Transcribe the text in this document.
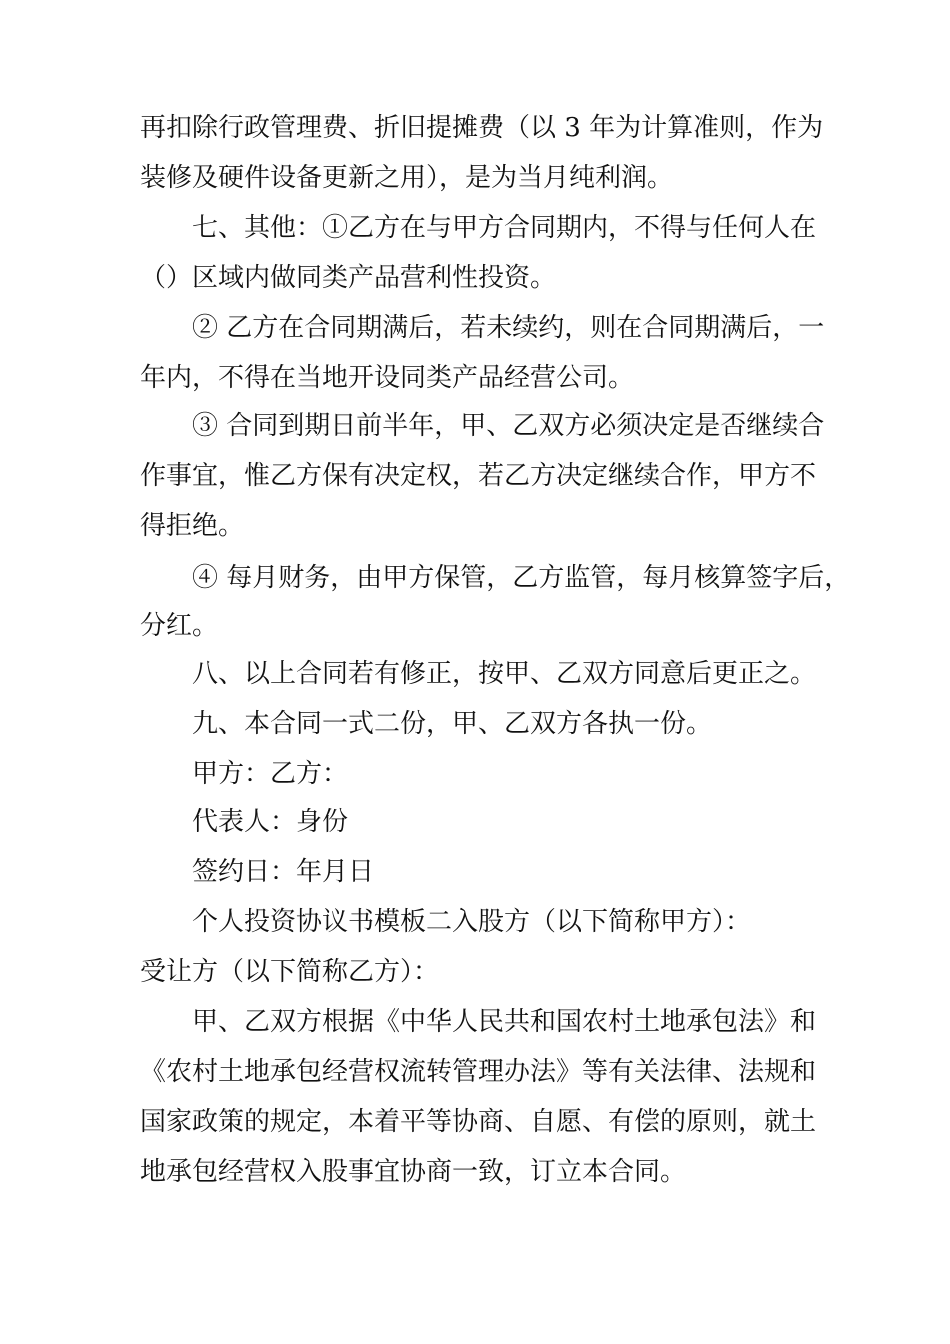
再扣除行政管理费、折旧提摊费（以 3 年为计算准则，作为
装修及硬件设备更新之用），是为当月纯利润。
七、其他：①乙方在与甲方合同期内，不得与任何人在
（）区域内做同类产品营利性投资。
② 乙方在合同期满后，若未续约，则在合同期满后，一
年内，不得在当地开设同类产品经营公司。
③ 合同到期日前半年，甲、乙双方必须决定是否继续合
作事宜，惟乙方保有决定权，若乙方决定继续合作，甲方不
得拒绝。
④ 每月财务，由甲方保管，乙方监管，每月核算签字后，
分红。
八、以上合同若有修正，按甲、乙双方同意后更正之。
九、本合同一式二份，甲、乙双方各执一份。
甲方：乙方：
代表人：身份
签约日：年月日
个人投资协议书模板二入股方（以下简称甲方）：
受让方（以下简称乙方）：
甲、乙双方根据《中华人民共和国农村土地承包法》和
《农村土地承包经营权流转管理办法》等有关法律、法规和
国家政策的规定，本着平等协商、自愿、有偿的原则，就土
地承包经营权入股事宜协商一致，订立本合同。
